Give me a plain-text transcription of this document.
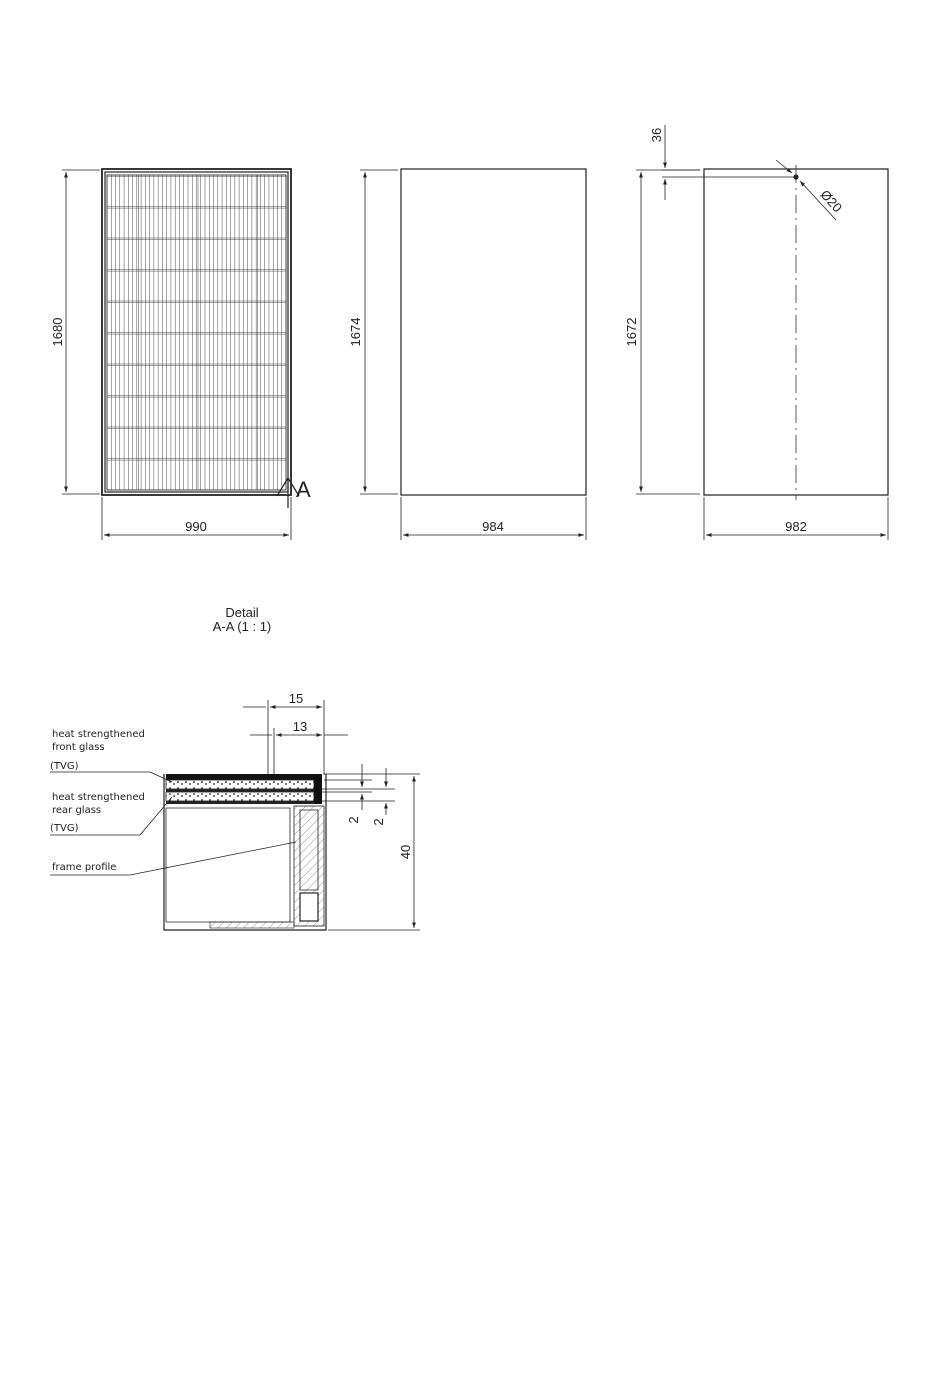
1680
A
990
1674
984
36
1672
Ø20
982
Detail
A-A (1 : 1)
15
13
2 2
40
heat strengthened
front glass
(TVG)
heat strengthened
rear glass
(TVG)
frame profile
